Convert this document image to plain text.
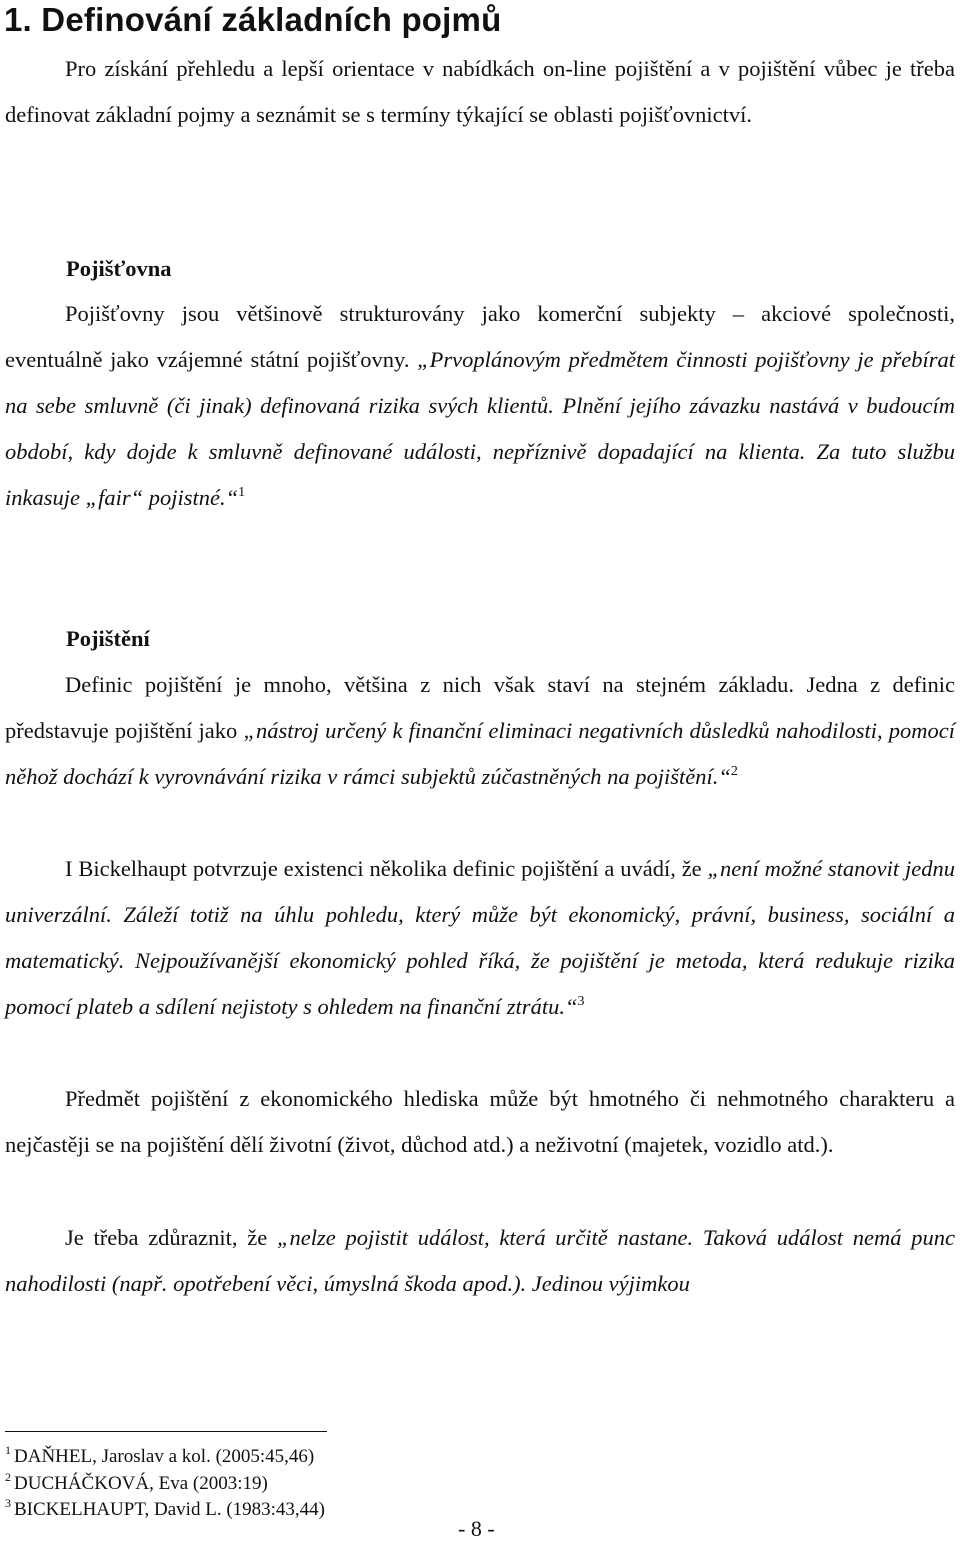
1. Definování základních pojmů

Pro získání přehledu a lepší orientace v nabídkách on-line pojištění a v pojištění vůbec je třeba definovat základní pojmy a seznámit se s termíny týkající se oblasti pojišťovnictví.

Pojišťovna

Pojišťovny jsou většinově strukturovány jako komerční subjekty – akciové společnosti, eventuálně jako vzájemné státní pojišťovny. „Prvoplánovým předmětem činnosti pojišťovny je přebírat na sebe smluvně (či jinak) definovaná rizika svých klientů. Plnění jejího závazku nastává v budoucím období, kdy dojde k smluvně definované události, nepříznivě dopadající na klienta. Za tuto službu inkasuje „fair“ pojistné.“$^1$

Pojištění

Definic pojištění je mnoho, většina z nich však staví na stejném základu. Jedna z definic představuje pojištění jako „nástroj určený k finanční eliminaci negativních důsledků nahodilosti, pomocí něhož dochází k vyrovnávání rizika v rámci subjektů zúčastněných na pojištění.“$^2$

I Bickelhaupt potvrzuje existenci několika definic pojištění a uvádí, že „není možné stanovit jednu univerzální. Záleží totiž na úhlu pohledu, který může být ekonomický, právní, business, sociální a matematický. Nejpoužívanější ekonomický pohled říká, že pojištění je metoda, která redukuje rizika pomocí plateb a sdílení nejistoty s ohledem na finanční ztrátu.“$^3$

Předmět pojištění z ekonomického hlediska může být hmotného či nehmotného charakteru a nejčastěji se na pojištění dělí životní (život, důchod atd.) a neživotní (majetek, vozidlo atd.).

Je třeba zdůraznit, že „nelze pojistit událost, která určitě nastane. Taková událost nemá punc nahodilosti (např. opotřebení věci, úmyslná škoda apod.). Jedinou výjimkou

$^1$ DAŇHEL, Jaroslav a kol. (2005:45,46)
$^2$ DUCHÁČKOVÁ, Eva (2003:19)
$^3$ BICKELHAUPT, David L. (1983:43,44)
- 8 -
